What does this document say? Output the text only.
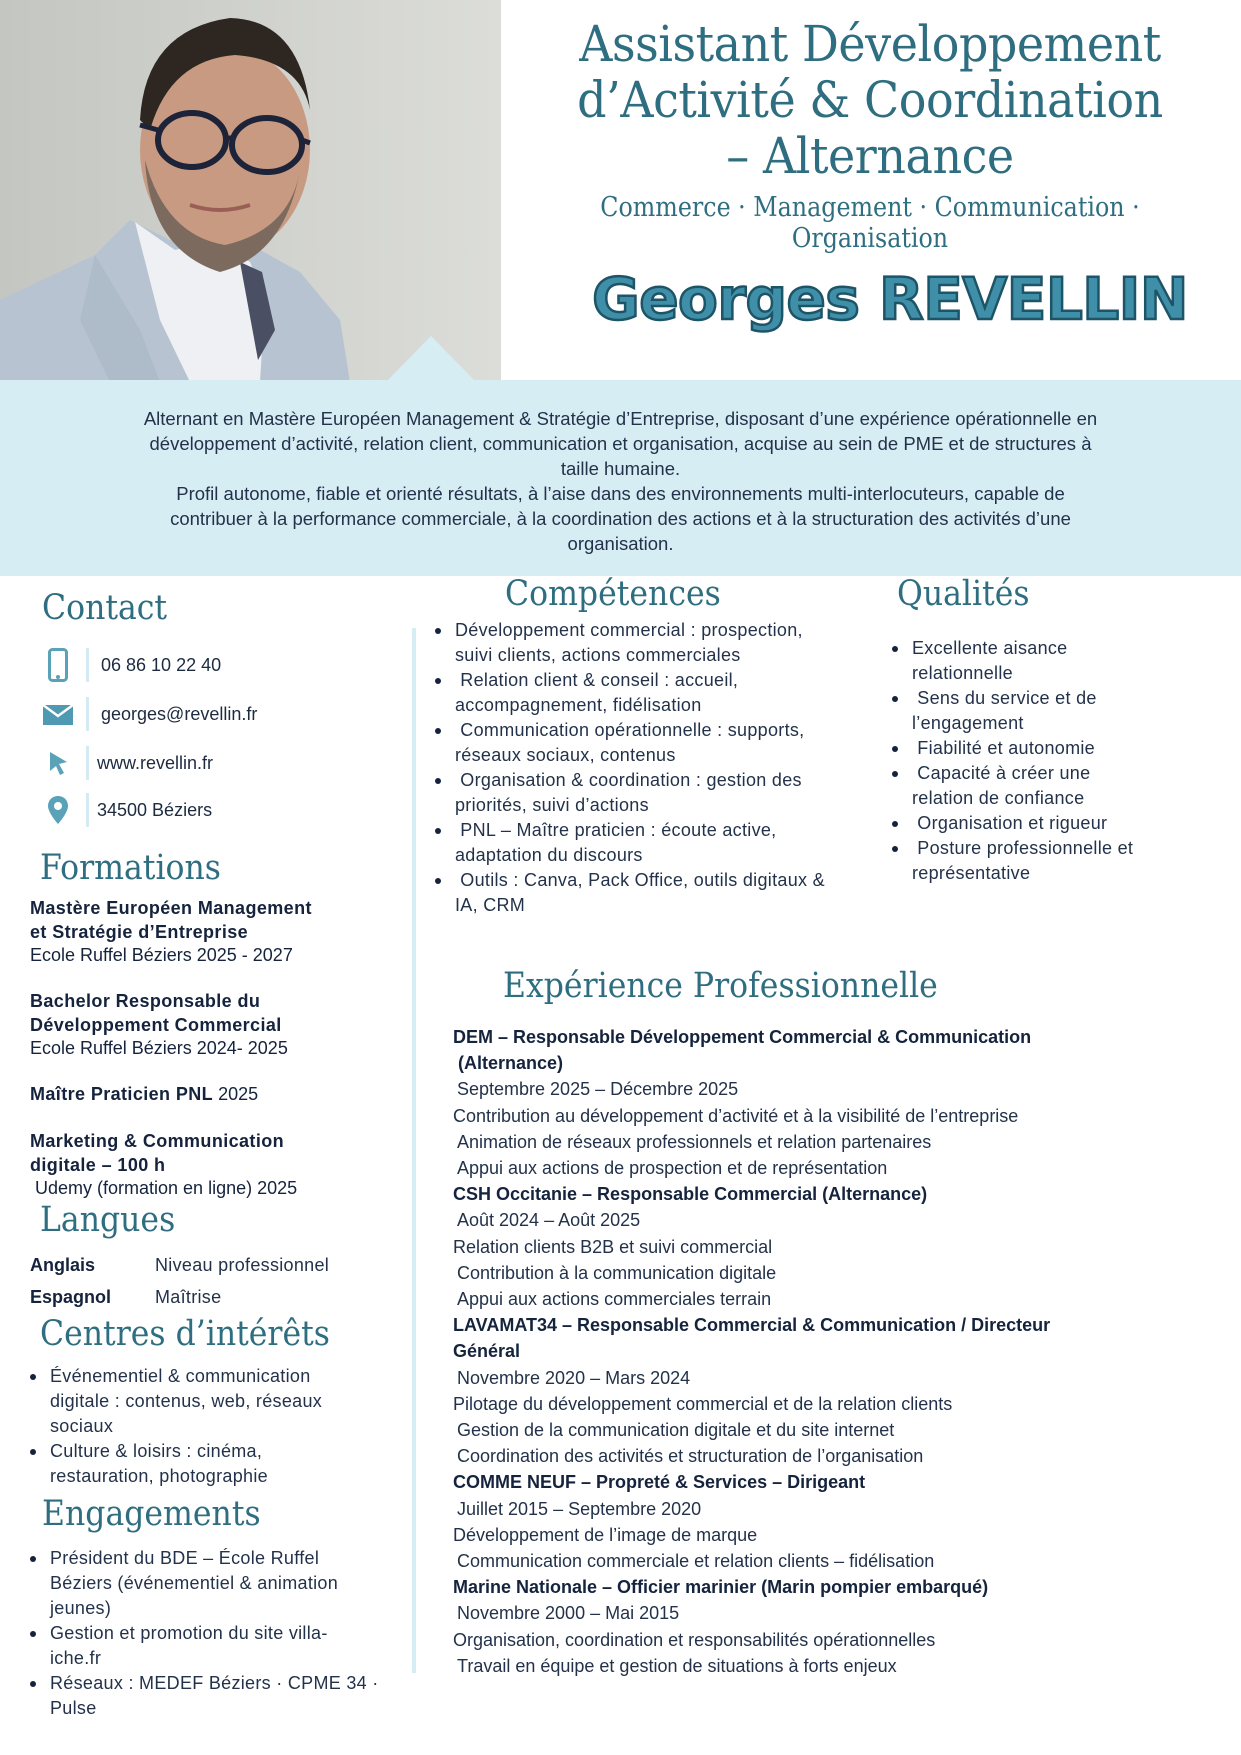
Assistant Développement
d’Activité & Coordination
– Alternance
Commerce · Management · Communication ·
Organisation
Georges REVELLIN
Alternant en Mastère Européen Management & Stratégie d’Entreprise, disposant d’une expérience opérationnelle en
développement d’activité, relation client, communication et organisation, acquise au sein de PME et de structures à
taille humaine.
Profil autonome, fiable et orienté résultats, à l’aise dans des environnements multi-interlocuteurs, capable de
contribuer à la performance commerciale, à la coordination des actions et à la structuration des activités d’une
organisation.
Contact
06 86 10 22 40
georges@revellin.fr
www.revellin.fr
34500 Béziers
Formations
Mastère Européen Management
et Stratégie d’Entreprise
Ecole Ruffel Béziers 2025 - 2027
Bachelor Responsable du
Développement Commercial
Ecole Ruffel Béziers 2024- 2025
Maître Praticien PNL 2025
Marketing & Communication
digitale – 100 h
Udemy (formation en ligne) 2025
Langues
Anglais	Niveau professionnel
Espagnol	Maîtrise
Centres d’intérêts
Événementiel & communication
digitale : contenus, web, réseaux
sociaux
Culture & loisirs : cinéma,
restauration, photographie
Engagements
Président du BDE – École Ruffel
Béziers (événementiel & animation
jeunes)
Gestion et promotion du site villa-
iche.fr
Réseaux : MEDEF Béziers · CPME 34 ·
Pulse
Compétences
Développement commercial : prospection,
suivi clients, actions commerciales
Relation client & conseil : accueil,
accompagnement, fidélisation
Communication opérationnelle : supports,
réseaux sociaux, contenus
Organisation & coordination : gestion des
priorités, suivi d’actions
PNL – Maître praticien : écoute active,
adaptation du discours
Outils : Canva, Pack Office, outils digitaux &
IA, CRM
Qualités
Excellente aisance
relationnelle
Sens du service et de
l’engagement
Fiabilité et autonomie
Capacité à créer une
relation de confiance
Organisation et rigueur
Posture professionnelle et
représentative
Expérience Professionnelle
DEM – Responsable Développement Commercial & Communication
(Alternance)
Septembre 2025 – Décembre 2025
Contribution au développement d’activité et à la visibilité de l’entreprise
Animation de réseaux professionnels et relation partenaires
Appui aux actions de prospection et de représentation
CSH Occitanie – Responsable Commercial (Alternance)
Août 2024 – Août 2025
Relation clients B2B et suivi commercial
Contribution à la communication digitale
Appui aux actions commerciales terrain
LAVAMAT34 – Responsable Commercial & Communication / Directeur
Général
Novembre 2020 – Mars 2024
Pilotage du développement commercial et de la relation clients
Gestion de la communication digitale et du site internet
Coordination des activités et structuration de l’organisation
COMME NEUF – Propreté & Services – Dirigeant
Juillet 2015 – Septembre 2020
Développement de l’image de marque
Communication commerciale et relation clients – fidélisation
Marine Nationale – Officier marinier (Marin pompier embarqué)
Novembre 2000 – Mai 2015
Organisation, coordination et responsabilités opérationnelles
Travail en équipe et gestion de situations à forts enjeux
